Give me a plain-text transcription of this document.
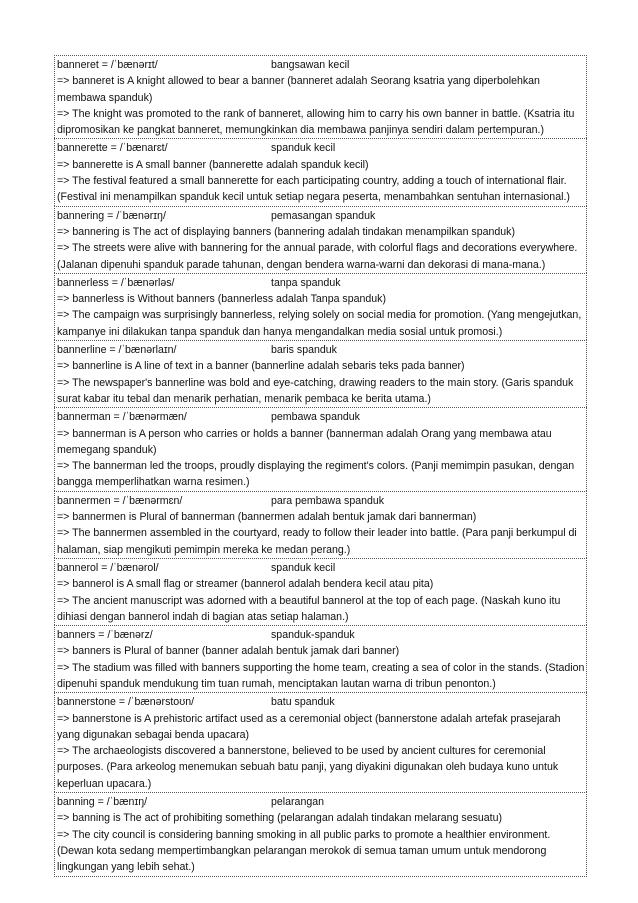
banneret = /ˈbænərɪt/	bangsawan kecil

=> banneret is A knight allowed to bear a banner (banneret adalah Seorang ksatria yang diperbolehkan membawa spanduk)

=> The knight was promoted to the rank of banneret, allowing him to carry his own banner in battle. (Ksatria itu dipromosikan ke pangkat banneret, memungkinkan dia membawa panjinya sendiri dalam pertempuran.)

bannerette = /ˈbænarɛt/	spanduk kecil

=> bannerette is A small banner (bannerette adalah spanduk kecil)

=> The festival featured a small bannerette for each participating country, adding a touch of international flair. (Festival ini menampilkan spanduk kecil untuk setiap negara peserta, menambahkan sentuhan internasional.)

bannering = /ˈbænərɪŋ/	pemasangan spanduk

=> bannering is The act of displaying banners (bannering adalah tindakan menampilkan spanduk)

=> The streets were alive with bannering for the annual parade, with colorful flags and decorations everywhere. (Jalanan dipenuhi spanduk parade tahunan, dengan bendera warna-warni dan dekorasi di mana-mana.)

bannerless = /ˈbænərləs/	tanpa spanduk

=> bannerless is Without banners (bannerless adalah Tanpa spanduk)

=> The campaign was surprisingly bannerless, relying solely on social media for promotion. (Yang mengejutkan, kampanye ini dilakukan tanpa spanduk dan hanya mengandalkan media sosial untuk promosi.)

bannerline = /ˈbænərlaɪn/	baris spanduk

=> bannerline is A line of text in a banner (bannerline adalah sebaris teks pada banner)

=> The newspaper's bannerline was bold and eye-catching, drawing readers to the main story. (Garis spanduk surat kabar itu tebal dan menarik perhatian, menarik pembaca ke berita utama.)

bannerman = /ˈbænərmæn/	pembawa spanduk

=> bannerman is A person who carries or holds a banner (bannerman adalah Orang yang membawa atau memegang spanduk)

=> The bannerman led the troops, proudly displaying the regiment's colors. (Panji memimpin pasukan, dengan bangga memperlihatkan warna resimen.)

bannermen = /ˈbænərmɛn/	para pembawa spanduk

=> bannermen is Plural of bannerman (bannermen adalah bentuk jamak dari bannerman)

=> The bannermen assembled in the courtyard, ready to follow their leader into battle. (Para panji berkumpul di halaman, siap mengikuti pemimpin mereka ke medan perang.)

bannerol = /ˈbænərol/	spanduk kecil

=> bannerol is A small flag or streamer (bannerol adalah bendera kecil atau pita)

=> The ancient manuscript was adorned with a beautiful bannerol at the top of each page. (Naskah kuno itu dihiasi dengan bannerol indah di bagian atas setiap halaman.)

banners = /ˈbænərz/	spanduk-spanduk

=> banners is Plural of banner (banner adalah bentuk jamak dari banner)

=> The stadium was filled with banners supporting the home team, creating a sea of color in the stands. (Stadion dipenuhi spanduk mendukung tim tuan rumah, menciptakan lautan warna di tribun penonton.)

bannerstone = /ˈbænərstoʊn/	batu spanduk

=> bannerstone is A prehistoric artifact used as a ceremonial object (bannerstone adalah artefak prasejarah yang digunakan sebagai benda upacara)

=> The archaeologists discovered a bannerstone, believed to be used by ancient cultures for ceremonial purposes. (Para arkeolog menemukan sebuah batu panji, yang diyakini digunakan oleh budaya kuno untuk keperluan upacara.)

banning = /ˈbænɪŋ/	pelarangan

=> banning is The act of prohibiting something (pelarangan adalah tindakan melarang sesuatu)

=> The city council is considering banning smoking in all public parks to promote a healthier environment. (Dewan kota sedang mempertimbangkan pelarangan merokok di semua taman umum untuk mendorong lingkungan yang lebih sehat.)
